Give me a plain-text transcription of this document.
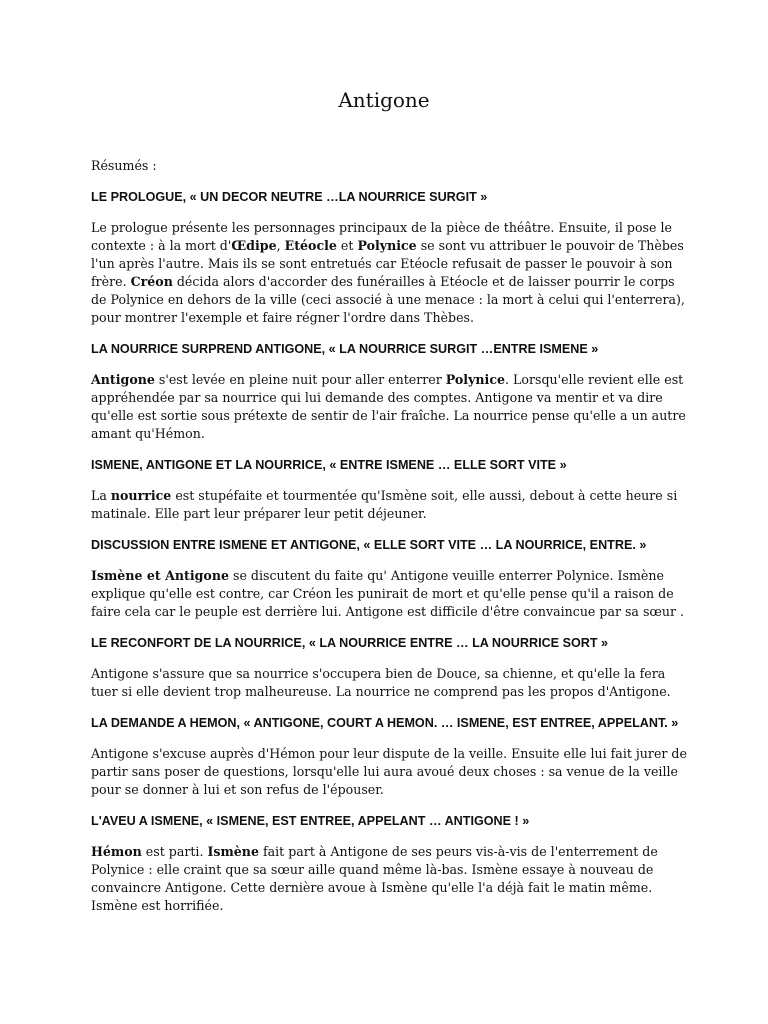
Antigone
Résumés :
LE PROLOGUE, « UN DECOR NEUTRE …LA NOURRICE SURGIT »
Le prologue présente les personnages principaux de la pièce de théâtre. Ensuite, il pose le contexte : à la mort d'Œdipe, Etéocle et Polynice se sont vu attribuer le pouvoir de Thèbes l'un après l'autre. Mais ils se sont entretués car Etéocle refusait de passer le pouvoir à son frère. Créon décida alors d'accorder des funérailles à Etéocle et de laisser pourrir le corps de Polynice en dehors de la ville (ceci associé à une menace : la mort à celui qui l'enterrera), pour montrer l'exemple et faire régner l'ordre dans Thèbes.
LA NOURRICE SURPREND ANTIGONE, « LA NOURRICE SURGIT …ENTRE ISMENE »
Antigone s'est levée en pleine nuit pour aller enterrer Polynice. Lorsqu'elle revient elle est appréhendée par sa nourrice qui lui demande des comptes. Antigone va mentir et va dire qu'elle est sortie sous prétexte de sentir de l'air fraîche. La nourrice pense qu'elle a un autre amant qu'Hémon.
ISMENE, ANTIGONE ET LA NOURRICE, « ENTRE ISMENE … ELLE SORT VITE »
La nourrice est stupéfaite et tourmentée qu'Ismène soit, elle aussi, debout à cette heure si matinale. Elle part leur préparer leur petit déjeuner.
DISCUSSION ENTRE ISMENE ET ANTIGONE, « ELLE SORT VITE … LA NOURRICE, ENTRE. »
Ismène et Antigone se discutent du faite qu' Antigone veuille enterrer Polynice. Ismène explique qu'elle est contre, car Créon les punirait de mort et qu'elle pense qu'il a raison de faire cela car le peuple est derrière lui. Antigone est difficile d'être convaincue par sa sœur .
LE RECONFORT DE LA NOURRICE, « LA NOURRICE ENTRE … LA NOURRICE SORT »
Antigone s'assure que sa nourrice s'occupera bien de Douce, sa chienne, et qu'elle la fera tuer si elle devient trop malheureuse. La nourrice ne comprend pas les propos d'Antigone.
LA DEMANDE A HEMON, « ANTIGONE, COURT A HEMON. … ISMENE, EST ENTREE, APPELANT. »
Antigone s'excuse auprès d'Hémon pour leur dispute de la veille. Ensuite elle lui fait jurer de partir sans poser de questions, lorsqu'elle lui aura avoué deux choses : sa venue de la veille pour se donner à lui et son refus de l'épouser.
L'AVEU A ISMENE, « ISMENE, EST ENTREE, APPELANT … ANTIGONE ! »
Hémon est parti. Ismène fait part à Antigone de ses peurs vis-à-vis de l'enterrement de Polynice : elle craint que sa sœur aille quand même là-bas. Ismène essaye à nouveau de convaincre Antigone. Cette dernière avoue à Ismène qu'elle l'a déjà fait le matin même. Ismène est horrifiée.
